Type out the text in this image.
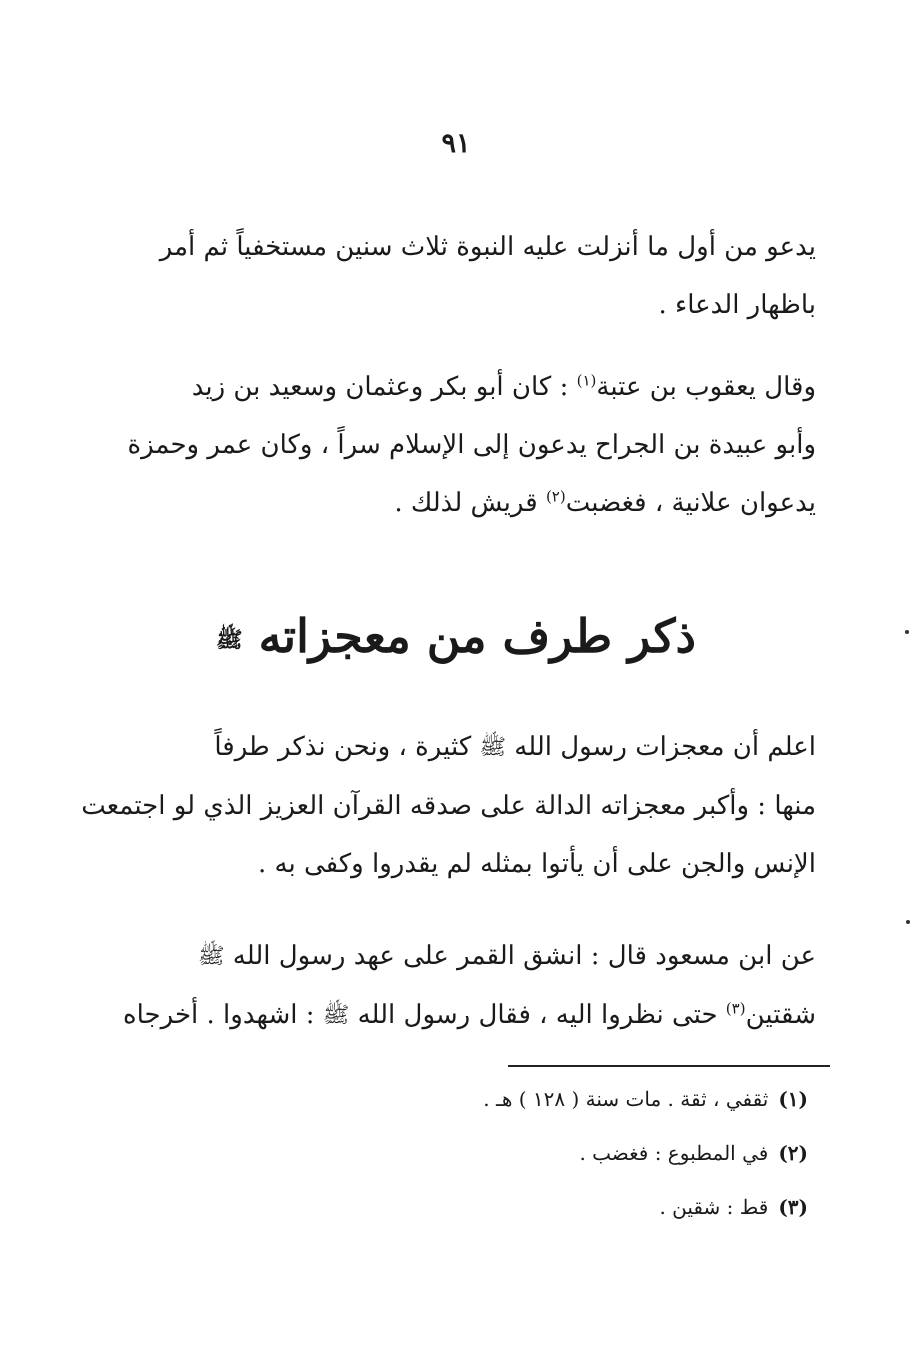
٩١
يدعو من أول ما أنزلت عليه النبوة ثلاث سنين مستخفياً ثم أمر
باظهار الدعاء .
وقال يعقوب بن عتبة$^{(١)}$ : كان أبو بكر وعثمان وسعيد بن زيد
وأبو عبيدة بن الجراح يدعون إلى الإسلام سراً ، وكان عمر وحمزة
يدعوان علانية ، فغضبت$^{(٢)}$ قريش لذلك .
ذكر طرف من معجزاته ﷺ
اعلم أن معجزات رسول الله ﷺ كثيرة ، ونحن نذكر طرفاً
منها : وأكبر معجزاته الدالة على صدقه القرآن العزيز الذي لو اجتمعت
الإنس والجن على أن يأتوا بمثله لم يقدروا وكفى به .
عن ابن مسعود قال : انشق القمر على عهد رسول الله ﷺ
شقتين$^{(٣)}$ حتى نظروا اليه ، فقال رسول الله ﷺ : اشهدوا . أخرجاه
(١)ثقفي ، ثقة . مات سنة ( ١٢٨ ) هـ .
(٢)في المطبوع : فغضب .
(٣)قط : شقين .
